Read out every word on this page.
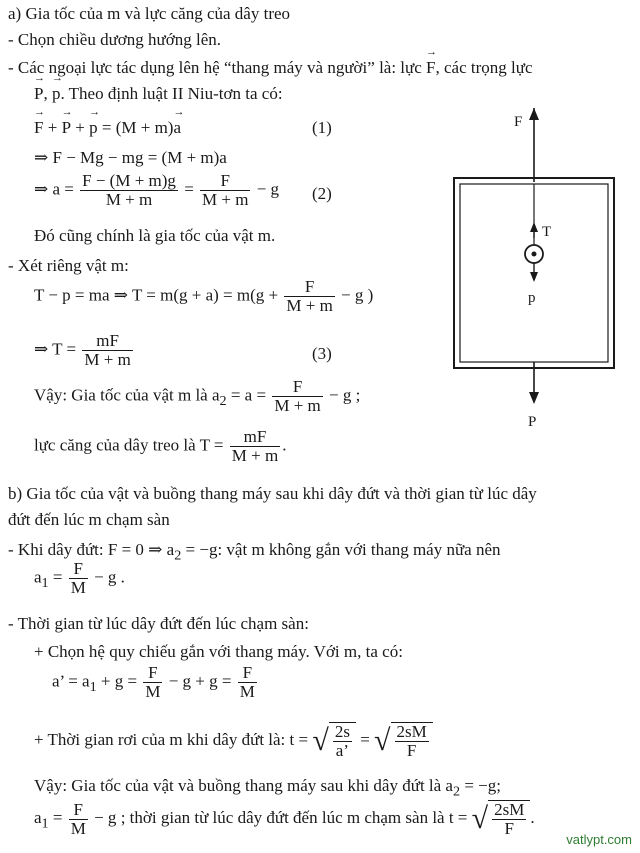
a) Gia tốc của m và lực căng của dây treo
- Chọn chiều dương hướng lên.
- Các ngoại lực tác dụng lên hệ “thang máy và người” là: lực → F, các trọng lực
→ P, → p. Theo định luật II Niu-tơn ta có:
→ F + → P + → p = (M + m)→ a	(1)
⇒ F − Mg − mg = (M + m)a
⇒ $a = \frac{F - (M + m)g}{M + m} = \frac{F}{M + m} - g$ (2)
Đó cũng chính là gia tốc của vật m.
- Xét riêng vật m:
T − p = ma ⇒ $T = m(g + a) = m(g + \frac{F}{M + m} - g$ )
⇒ $T = \frac{mF}{M + m}$	(3)
Vậy: Gia tốc của vật m là $a_2 = a = \frac{F}{M + m} - g$ ;
lực căng của dây treo là $T = \frac{mF}{M + m}$ .
F
T
p
P
b) Gia tốc của vật và buồng thang máy sau khi dây đứt và thời gian từ lúc dây
đứt đến lúc m chạm sàn
- Khi dây đứt: F = 0 ⇒ $a_2 = -g$: vật m không gắn với thang máy nữa nên
$a_1 = \frac{F}{M} - g$ .
- Thời gian từ lúc dây đứt đến lúc chạm sàn:
+ Chọn hệ quy chiếu gắn với thang máy. Với m, ta có:
a’ = $a_1 + g = \frac{F}{M} - g + g = \frac{F}{M}$
+ Thời gian rơi của m khi dây đứt là: t = √ $\frac{2s}{a’}$ = √ $\frac{2sM}{F}$
Vậy: Gia tốc của vật và buồng thang máy sau khi dây đứt là $a_2 = -g$;
$a_1 = \frac{F}{M} - g$ ; thời gian từ lúc dây đứt đến lúc m chạm sàn là t = √ $\frac{2sM}{F}$ .
vatlypt.com
